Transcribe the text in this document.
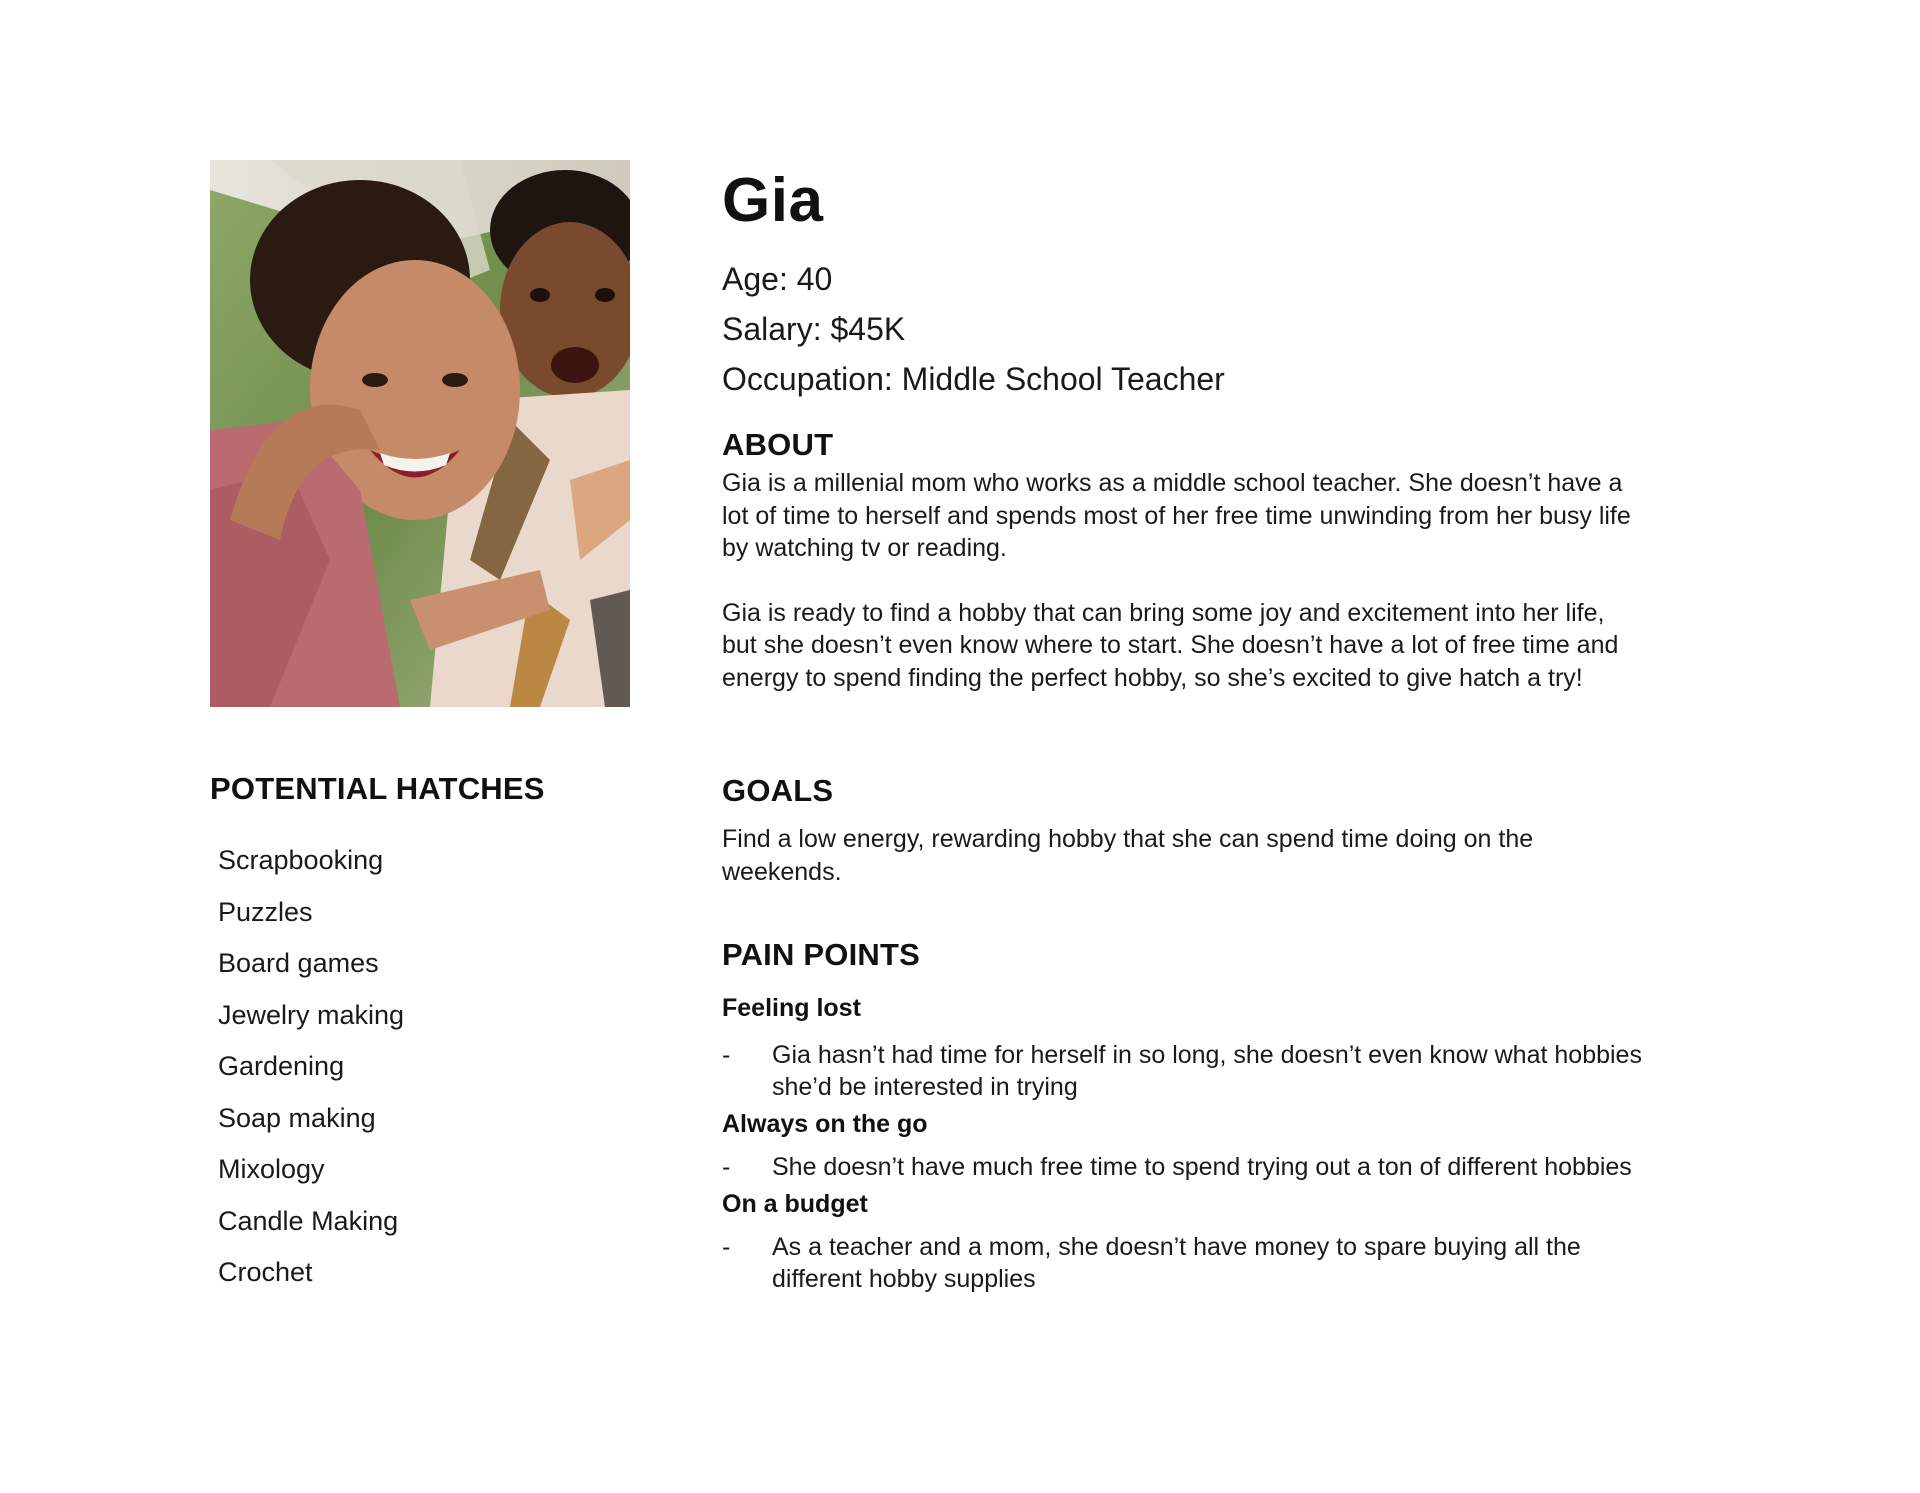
POTENTIAL HATCHES
Scrapbooking
Puzzles
Board games
Jewelry making
Gardening
Soap making
Mixology
Candle Making
Crochet
Gia
Age: 40
Salary: $45K
Occupation: Middle School Teacher
ABOUT

Gia is a millenial mom who works as a middle school teacher. She doesn’t have a lot of time to herself and spends most of her free time unwinding from her busy life by watching tv or reading.

Gia is ready to find a hobby that can bring some joy and excitement into her life, but she doesn’t even know where to start. She doesn’t have a lot of free time and energy to spend finding the perfect hobby, so she’s excited to give hatch a try!

GOALS

Find a low energy, rewarding hobby that she can spend time doing on the weekends.

PAIN POINTS

Feeling lost

-	Gia hasn’t had time for herself in so long, she doesn’t even know what hobbies she’d be interested in trying

Always on the go

-	She doesn’t have much free time to spend trying out a ton of different hobbies

On a budget

-	As a teacher and a mom, she doesn’t have money to spare buying all the different hobby supplies
